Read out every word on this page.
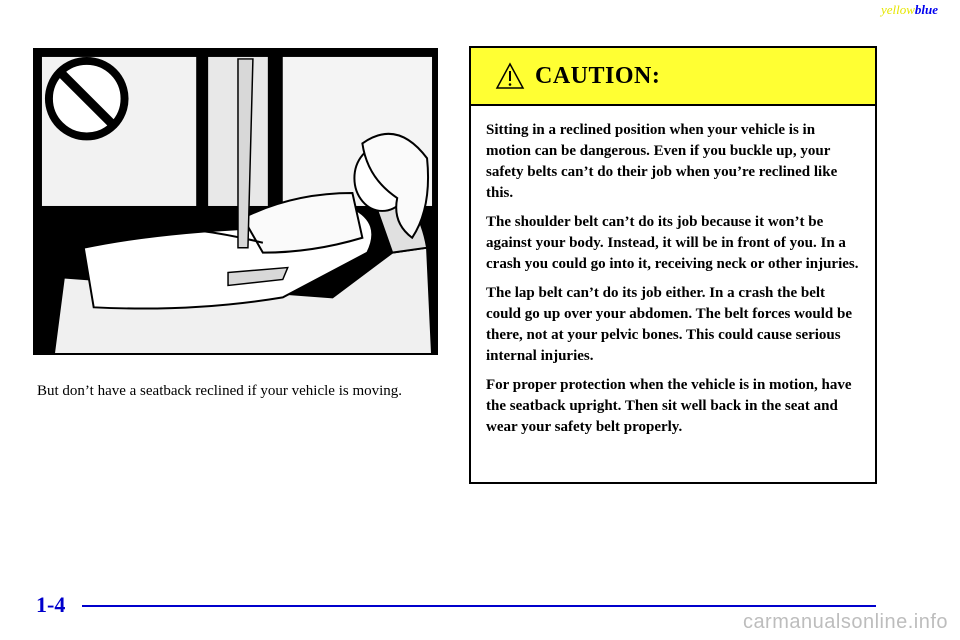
yellowblue

But don’t have a seatback reclined if your vehicle is moving.

CAUTION:

Sitting in a reclined position when your vehicle is in motion can be dangerous. Even if you buckle up, your safety belts can’t do their job when you’re reclined like this.

The shoulder belt can’t do its job because it won’t be against your body. Instead, it will be in front of you. In a crash you could go into it, receiving neck or other injuries.

The lap belt can’t do its job either. In a crash the belt could go up over your abdomen. The belt forces would be there, not at your pelvic bones. This could cause serious internal injuries.

For proper protection when the vehicle is in motion, have the seatback upright. Then sit well back in the seat and wear your safety belt properly.

1-4
carmanualsonline.info
